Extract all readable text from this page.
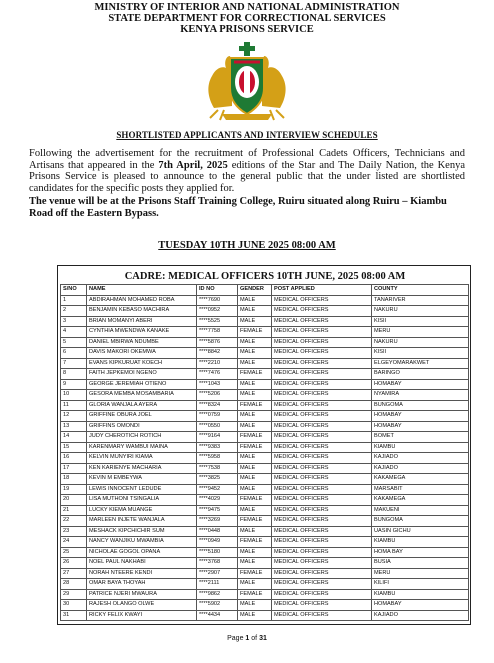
MINISTRY OF INTERIOR AND NATIONAL ADMINISTRATION
STATE DEPARTMENT FOR CORRECTIONAL SERVICES
KENYA PRISONS SERVICE
SHORTLISTED APPLICANTS AND INTERVIEW SCHEDULES

Following the advertisement for the recruitment of Professional Cadets Officers, Technicians and Artisans that appeared in the 7th April, 2025 editions of the Star and The Daily Nation, the Kenya Prisons Service is pleased to announce to the general public that the under listed are shortlisted candidates for the specific posts they applied for.

The venue will be at the Prisons Staff Training College, Ruiru situated along Ruiru – Kiambu Road off the Eastern Bypass.

TUESDAY 10TH JUNE 2025 08:00 AM
CADRE: MEDICAL OFFICERS 10TH JUNE, 2025 08:00 AM
S/NO	NAME	ID NO	GENDER	POST APPLIED	COUNTY
1	ABDIRAHMAN MOHAMED ROBA	****7690	MALE	MEDICAL OFFICERS	TANARIVER
2	BENJAMIN KEBASO MACHIRA	****0952	MALE	MEDICAL OFFICERS	NAKURU
3	BRIAN MOMANYI ABERI	****5525	MALE	MEDICAL OFFICERS	KISII
4	CYNTHIA MWENDWA KANAKE	****7758	FEMALE	MEDICAL OFFICERS	MERU
5	DANIEL MBIRWA NDUMBE	****5876	MALE	MEDICAL OFFICERS	NAKURU
6	DAVIS MAKORI OKEMWA	****8842	MALE	MEDICAL OFFICERS	KISII
7	EVANS KIPKURUAT KOECH	****2210	MALE	MEDICAL OFFICERS	ELGEYOMARAKWET
8	FAITH JEPKEMOI NGENO	****7476	FEMALE	MEDICAL OFFICERS	BARINGO
9	GEORGE JEREMIAH OTIENO	****1043	MALE	MEDICAL OFFICERS	HOMABAY
10	GESORA MEMBA MOSAMBARIA	****5206	MALE	MEDICAL OFFICERS	NYAMIRA
11	GLORIA WANJALA AYERA	****8324	FEMALE	MEDICAL OFFICERS	BUNGOMA
12	GRIFFINE OBURA JOEL	****0759	MALE	MEDICAL OFFICERS	HOMABAY
13	GRIFFINS OMONDI	****0550	MALE	MEDICAL OFFICERS	HOMABAY
14	JUDY CHEROTICH ROTICH	****9164	FEMALE	MEDICAL OFFICERS	BOMET
15	KARENMARY WAMBUI MAINA	****9383	FEMALE	MEDICAL OFFICERS	KIAMBU
16	KELVIN MUNYIRI KIAMA	****5958	MALE	MEDICAL OFFICERS	KAJIADO
17	KEN KARIENYE MACHARIA	****7538	MALE	MEDICAL OFFICERS	KAJIADO
18	KEVIN M EMBEYWA	****3825	MALE	MEDICAL OFFICERS	KAKAMEGA
19	LEWIS INNOCENT LEDUDE	****9452	MALE	MEDICAL OFFICERS	MARSABIT
20	LISA MUTHONI TSINGALIA	****4029	FEMALE	MEDICAL OFFICERS	KAKAMEGA
21	LUCKY KIEMA MUANGE	****9475	MALE	MEDICAL OFFICERS	MAKUENI
22	MARLEEN INJETE WANJALA	****3269	FEMALE	MEDICAL OFFICERS	BUNGOMA
23	MESHACK KIPCHICHIR SUM	****0448	MALE	MEDICAL OFFICERS	UASIN GICHU
24	NANCY WANJIKU MWAMBIA	****0949	FEMALE	MEDICAL OFFICERS	KIAMBU
25	NICHOLAE GOGOL OPANA	****5180	MALE	MEDICAL OFFICERS	HOMA BAY
26	NOEL PAUL NAKHABI	****3768	MALE	MEDICAL OFFICERS	BUSIA
27	NORAH NTEERE KENDI	****2907	FEMALE	MEDICAL OFFICERS	MERU
28	OMAR BAYA THOYAH	****2111	MALE	MEDICAL OFFICERS	KILIFI
29	PATRICE NJERI MWAURA	****9862	FEMALE	MEDICAL OFFICERS	KIAMBU
30	RAJESH OLANGO OLWE	****5902	MALE	MEDICAL OFFICERS	HOMABAY
31	RICKY FELIX KWAYI	****4434	MALE	MEDICAL OFFICERS	KAJIADO
Page 1 of 31
